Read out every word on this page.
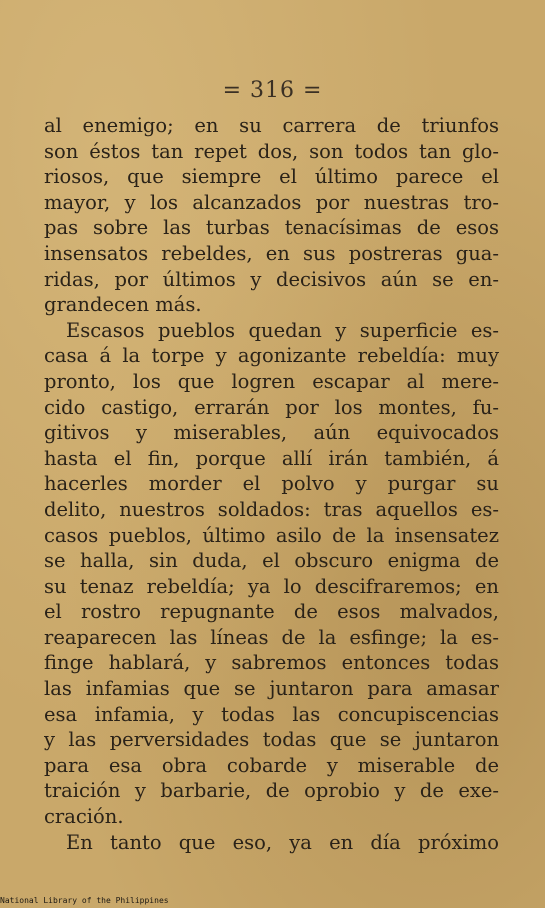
= 316 =
al enemigo; en su carrera de triunfos
son éstos tan repet dos, son todos tan glo-
riosos, que siempre el último parece el
mayor, y los alcanzados por nuestras tro-
pas sobre las turbas tenacísimas de esos
insensatos rebeldes, en sus postreras gua-
ridas, por últimos y decisivos aún se en-
grandecen más.
Escasos pueblos quedan y superficie es-
casa á la torpe y agonizante rebeldía: muy
pronto, los que logren escapar al mere-
cido castigo, errarán por los montes, fu-
gitivos y miserables, aún equivocados
hasta el fin, porque allí irán también, á
hacerles morder el polvo y purgar su
delito, nuestros soldados: tras aquellos es-
casos pueblos, último asilo de la insensatez
se halla, sin duda, el obscuro enigma de
su tenaz rebeldía; ya lo descifraremos; en
el rostro repugnante de esos malvados,
reaparecen las líneas de la esfinge; la es-
finge hablará, y sabremos entonces todas
las infamias que se juntaron para amasar
esa infamia, y todas las concupiscencias
y las perversidades todas que se juntaron
para esa obra cobarde y miserable de
traición y barbarie, de oprobio y de exe-
cración.
En tanto que eso, ya en día próximo
National Library of the Philippines
